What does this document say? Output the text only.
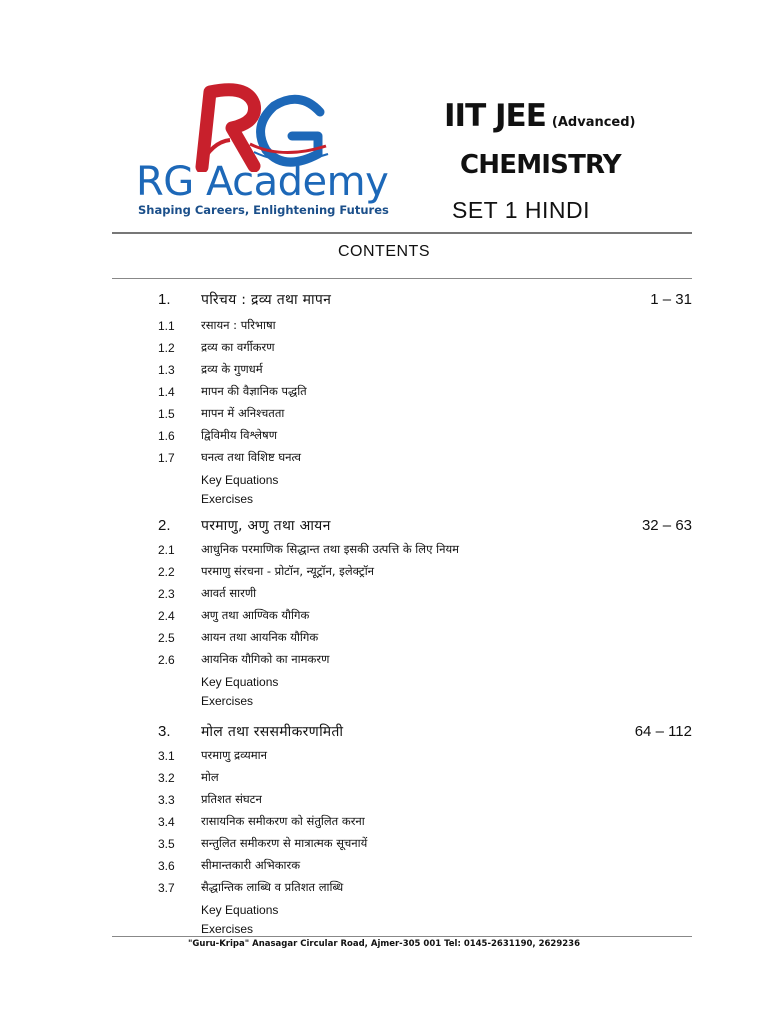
RG Academy
Shaping Careers, Enlightening Futures
IIT JEE (Advanced)
CHEMISTRY
SET 1 HINDI
CONTENTS
1. परिचय : द्रव्य तथा मापन	1 – 31
1.1 रसायन : परिभाषा
1.2 द्रव्य का वर्गीकरण
1.3 द्रव्य के गुणधर्म
1.4 मापन की वैज्ञानिक पद्धति
1.5 मापन में अनिश्चतता
1.6 द्विविमीय विश्लेषण
1.7 घनत्व तथा विशिष्ट घनत्व
Key Equations
Exercises
2. परमाणु, अणु तथा आयन	32 – 63
2.1 आधुनिक परमाणिक सिद्धान्त तथा इसकी उत्पत्ति के लिए नियम
2.2 परमाणु संरचना - प्रोटॉन, न्यूट्रॉन, इलेक्ट्रॉन
2.3 आवर्त सारणी
2.4 अणु तथा आण्विक यौगिक
2.5 आयन तथा आयनिक यौगिक
2.6 आयनिक यौगिको का नामकरण
Key Equations
Exercises
3. मोल तथा रससमीकरणमिती	64 – 112
3.1 परमाणु द्रव्यमान
3.2 मोल
3.3 प्रतिशत संघटन
3.4 रासायनिक समीकरण को संतुलित करना
3.5 सन्तुलित समीकरण से मात्रात्मक सूचनायें
3.6 सीमान्तकारी अभिकारक
3.7 सैद्धान्तिक लाब्धि व प्रतिशत लाब्धि
Key Equations
Exercises
"Guru-Kripa" Anasagar Circular Road, Ajmer-305 001 Tel: 0145-2631190, 2629236
